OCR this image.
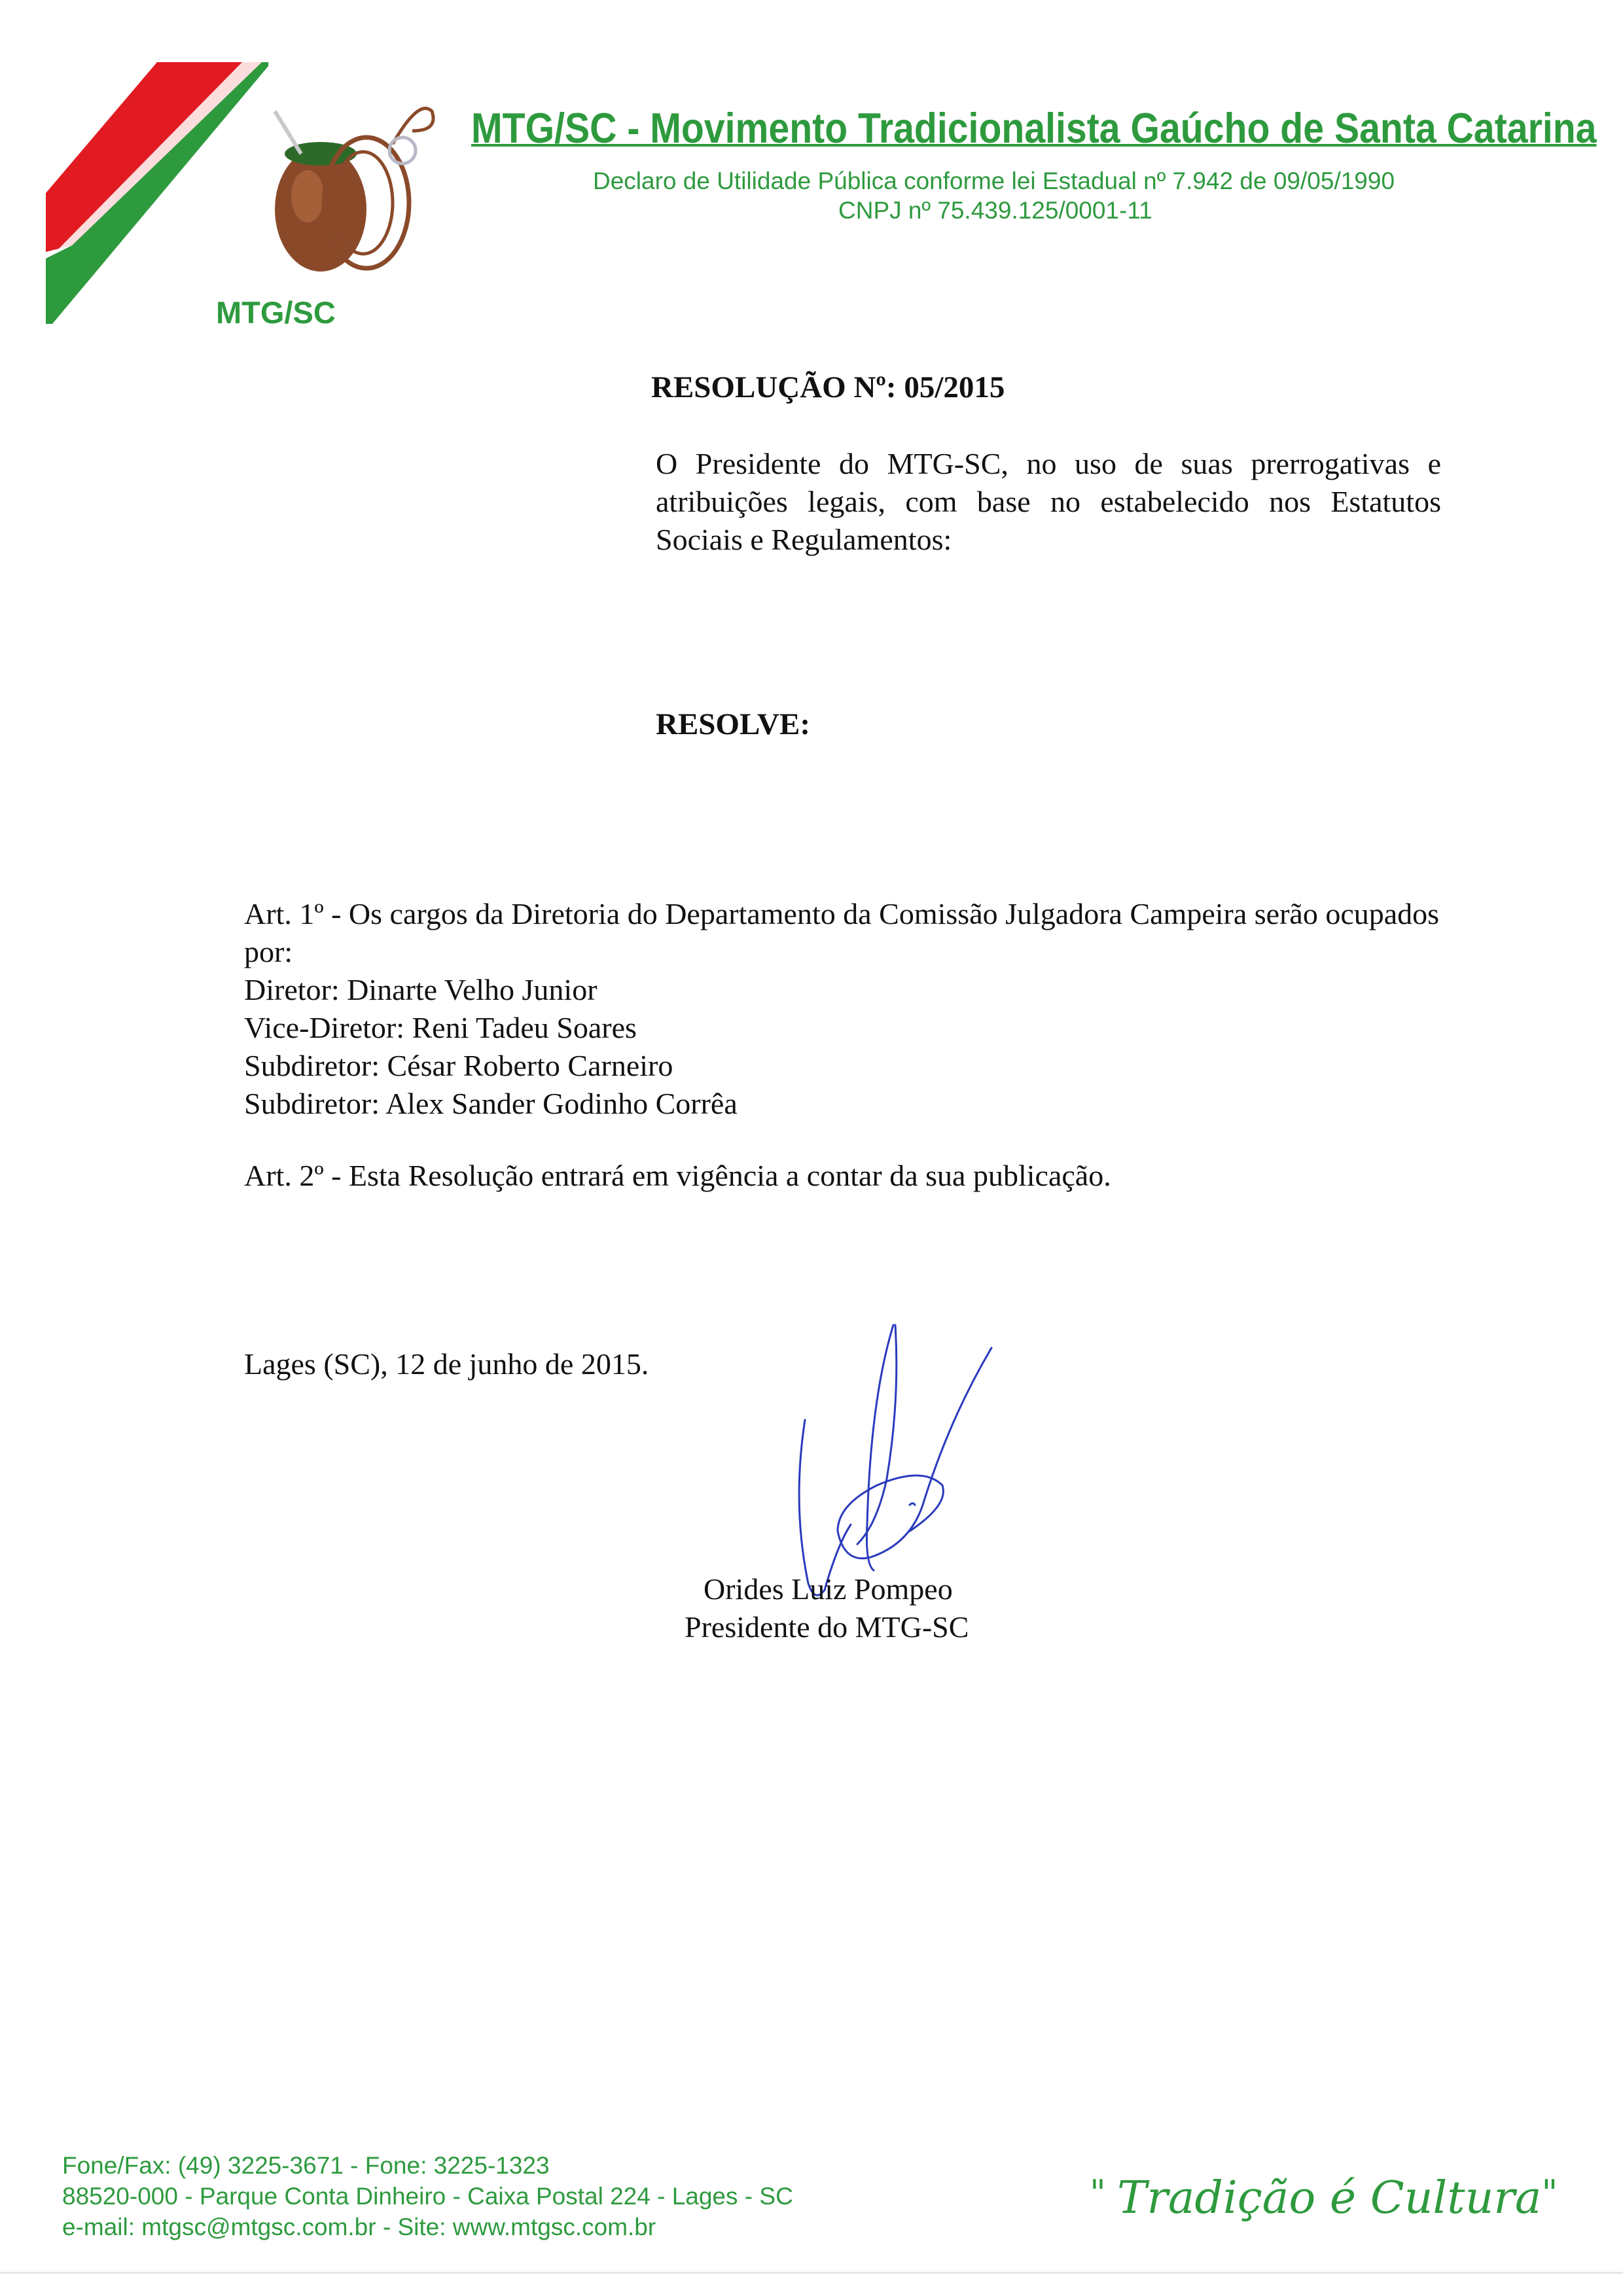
MTG/SC
MTG/SC - Movimento Tradicionalista Gaúcho de Santa Catarina
Declaro de Utilidade Pública conforme lei Estadual nº 7.942 de 09/05/1990
CNPJ nº 75.439.125/0001-11
RESOLUÇÃO Nº: 05/2015
O Presidente do MTG-SC, no uso de suas prerrogativas e atribuições legais, com base no estabelecido nos Estatutos Sociais e Regulamentos:
RESOLVE:
Art. 1º - Os cargos da Diretoria do Departamento da Comissão Julgadora Campeira serão ocupados por:
Diretor: Dinarte Velho Junior
Vice-Diretor: Reni Tadeu Soares
Subdiretor: César Roberto Carneiro
Subdiretor: Alex Sander Godinho Corrêa
Art. 2º - Esta Resolução entrará em vigência a contar da sua publicação.
Lages (SC), 12 de junho de 2015.
Orides Luiz Pompeo
Presidente do MTG-SC
Fone/Fax: (49) 3225-3671 - Fone: 3225-1323
88520-000 - Parque Conta Dinheiro - Caixa Postal 224 - Lages - SC
e-mail: mtgsc@mtgsc.com.br - Site: www.mtgsc.com.br
" Tradição é Cultura"
